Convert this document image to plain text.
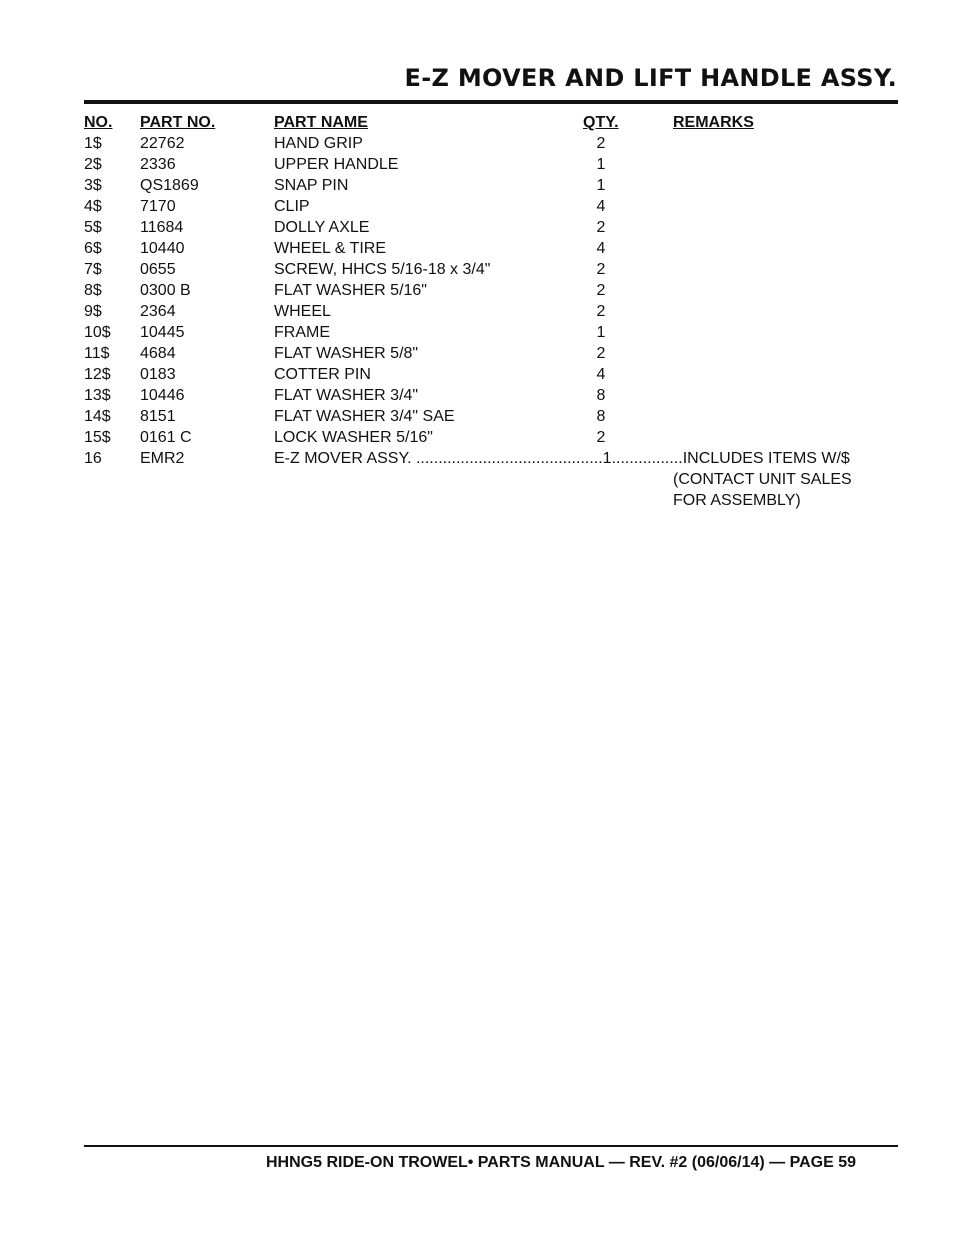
E-Z MOVER AND LIFT HANDLE ASSY.
NO. PART NO.	PART NAME	QTY.	REMARKS
1$ 22762	HAND GRIP	2
2$ 2336	UPPER HANDLE	1
3$ QS1869	SNAP PIN	1
4$ 7170	CLIP	4
5$ 11684	DOLLY AXLE	2
6$ 10440	WHEEL & TIRE	4
7$ 0655	SCREW, HHCS 5/16-18 x 3/4"	2
8$ 0300 B	FLAT WASHER 5/16"	2
9$ 2364	WHEEL	2
10$ 10445	FRAME	1
11$ 4684	FLAT WASHER 5/8"	2
12$ 0183	COTTER PIN	4
13$ 10446	FLAT WASHER 3/4"	8
14$ 8151	FLAT WASHER 3/4" SAE	8
15$ 0161 C	LOCK WASHER 5/16"	2
16 EMR2	E-Z MOVER ASSY. ..........................................1................INCLUDES ITEMS W/$
(CONTACT UNIT SALES
FOR ASSEMBLY)
HHNG5 RIDE-ON TROWEL• PARTS MANUAL — REV. #2 (06/06/14) — PAGE 59
